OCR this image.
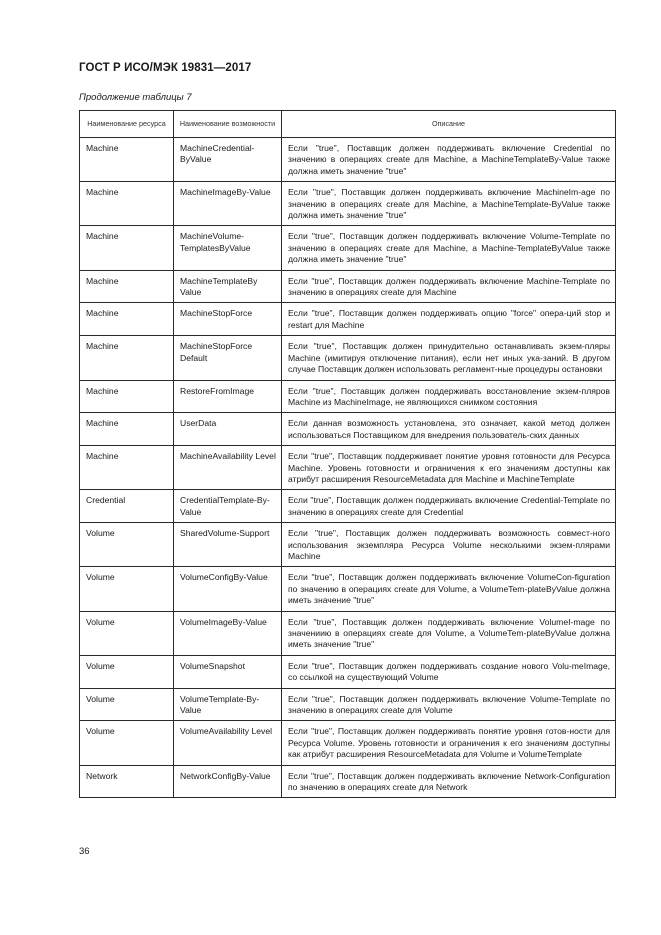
ГОСТ Р ИСО/МЭК 19831—2017
Продолжение таблицы 7
Наименование ресурса	Наименование возможности	Описание
Machine	MachineCredential-ByValue	Если "true", Поставщик должен поддерживать включение Credential по значению в операциях create для Machine, а MachineTemplateBy-Value также должна иметь значение "true"
Machine	MachineImageBy-Value	Если "true", Поставщик должен поддерживать включение MachineIm-age по значению в операциях create для Machine, а MachineTemplate-ByValue также должна иметь значение "true"
Machine	MachineVolume-TemplatesByValue	Если "true", Поставщик должен поддерживать включение Volume-Template по значению в операциях create для Machine, а Machine-TemplateByValue также должна иметь значение "true"
Machine	MachineTemplateBy Value	Если "true", Поставщик должен поддерживать включение Machine-Template по значению в операциях create для Machine
Machine	MachineStopForce	Если "true", Поставщик должен поддерживать опцию "force" опера-ций stop и restart для Machine
Machine	MachineStopForce Default	Если "true", Поставщик должен принудительно останавливать экзем-пляры Machine (имитируя отключение питания), если нет иных ука-заний. В другом случае Поставщик должен использовать регламент-ные процедуры остановки
Machine	RestoreFromImage	Если "true", Поставщик должен поддерживать восстановление экзем-пляров Machine из MachineImage, не являющихся снимком состояния
Machine	UserData	Если данная возможность установлена, это означает, какой метод должен использоваться Поставщиком для внедрения пользователь-ских данных
Machine	MachineAvailability Level	Если "true", Поставщик поддерживает понятие уровня готовности для Ресурса Machine. Уровень готовности и ограничения к его значениям доступны как атрибут расширения ResourceMetadata для Machine и MachineTemplate
Credential	CredentialTemplate-By-Value	Если "true", Поставщик должен поддерживать включение Credential-Template по значению в операциях create для Credential
Volume	SharedVolume-Support	Если "true", Поставщик должен поддерживать возможность совмест-ного использования экземпляра Ресурса Volume несколькими экзем-плярами Machine
Volume	VolumeConfigBy-Value	Если "true", Поставщик должен поддерживать включение VolumeCon-figuration по значению в операциях create для Volume, а VolumeTem-plateByValue должна иметь значение "true"
Volume	VolumeImageBy-Value	Если "true", Поставщик должен поддерживать включение VolumeI-mage по значениию в операциях create для Volume, а VolumeTem-plateByValue должна иметь значение "true"
Volume	VolumeSnapshot	Если "true", Поставщик должен поддерживать создание нового Volu-meImage, со ссылкой на существующий Volume
Volume	VolumeTemplate-By-Value	Если "true", Поставщик должен поддерживать включение Volume-Template по значению в операциях create для Volume
Volume	VolumeAvailability Level	Если "true", Поставщик должен поддерживать понятие уровня готов-ности для Ресурса Volume. Уровень готовности и ограничения к его значениям доступны как атрибут расширения ResourceMetadata для Volume и VolumeTemplate
Network	NetworkConfigBy-Value	Если "true", Поставщик должен поддерживать включение Network-Configuration по значению в операциях create для Network
36
